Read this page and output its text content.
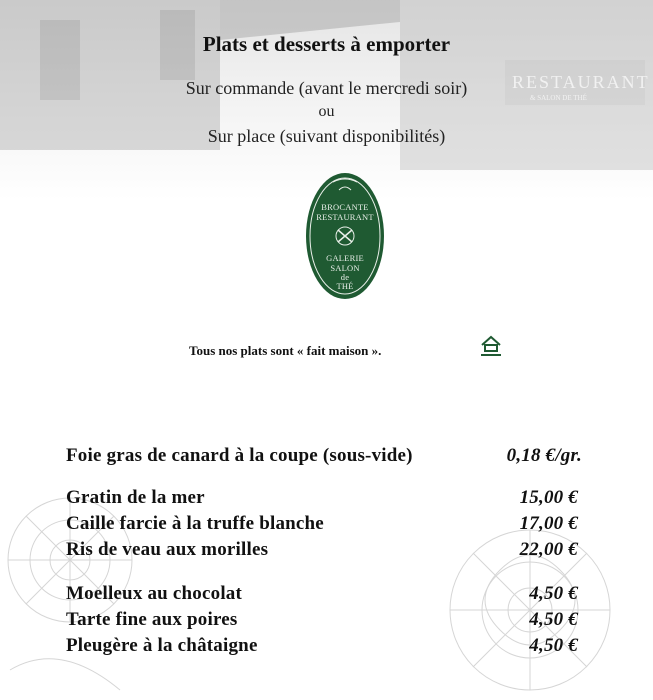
RESTAURANT
& SALON DE THÉ
Plats et desserts à emporter
Sur commande (avant le mercredi soir)
ou
Sur place (suivant disponibilités)
BROCANTE
RESTAURANT
GALERIE
SALON
de
THÉ
Tous nos plats sont « fait maison ».
Foie gras de canard à la coupe (sous-vide)	0,18 €/gr.
Gratin de la mer	15,00 €
Caille farcie à la truffe blanche	17,00 €
Ris de veau aux morilles	22,00 €
Moelleux au chocolat	4,50 €
Tarte fine aux poires	4,50 €
Pleugère à la châtaigne	4,50 €
